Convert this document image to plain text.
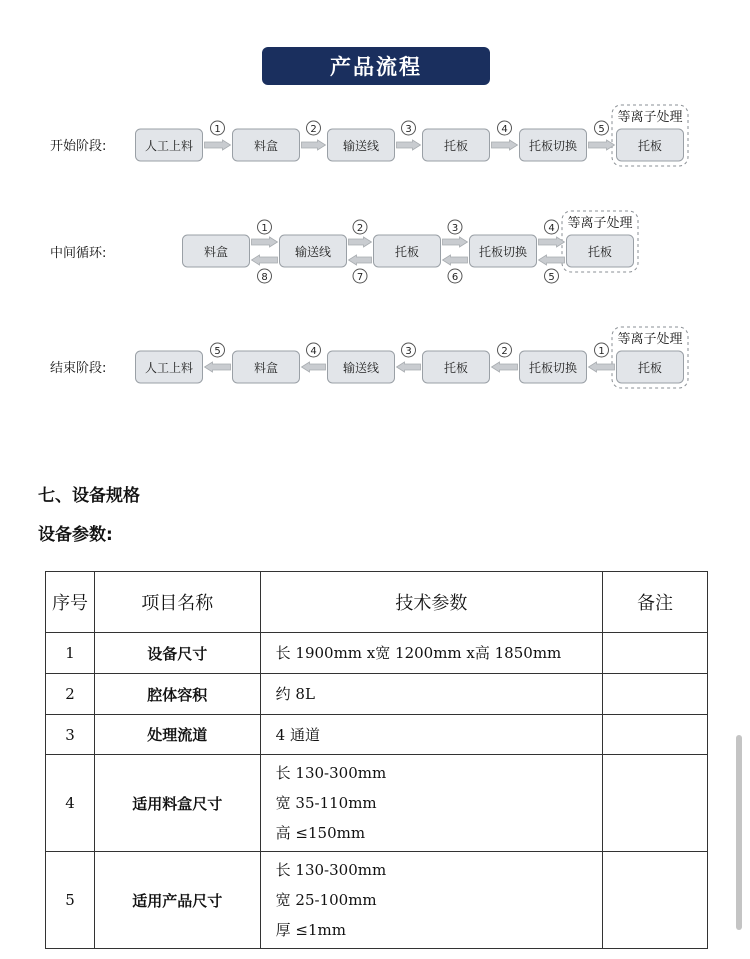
产品流程
开始阶段:
等离子处理
人工上料	料盒	输送线	托板	托板切换	托板
1	2	3	4	5
中间循环:
等离子处理
料盒	输送线	托板	托板切换	托板
1
8
2
7
3
6
4
5
结束阶段:
等离子处理
人工上料	料盒	输送线	托板	托板切换	托板
5	4	3	2	1
七、设备规格
设备参数:
序号	项目名称	技术参数	备注
1	设备尺寸	长 1900mm x宽 1200mm x高 1850mm	

2	腔体容积	约 8L	

3	处理流道	4 通道	

4	适用料盒尺寸	长 130-300mm
宽 35-110mm
高 ≤150mm	

5	适用产品尺寸	长 130-300mm
宽 25-100mm
厚 ≤1mm	
